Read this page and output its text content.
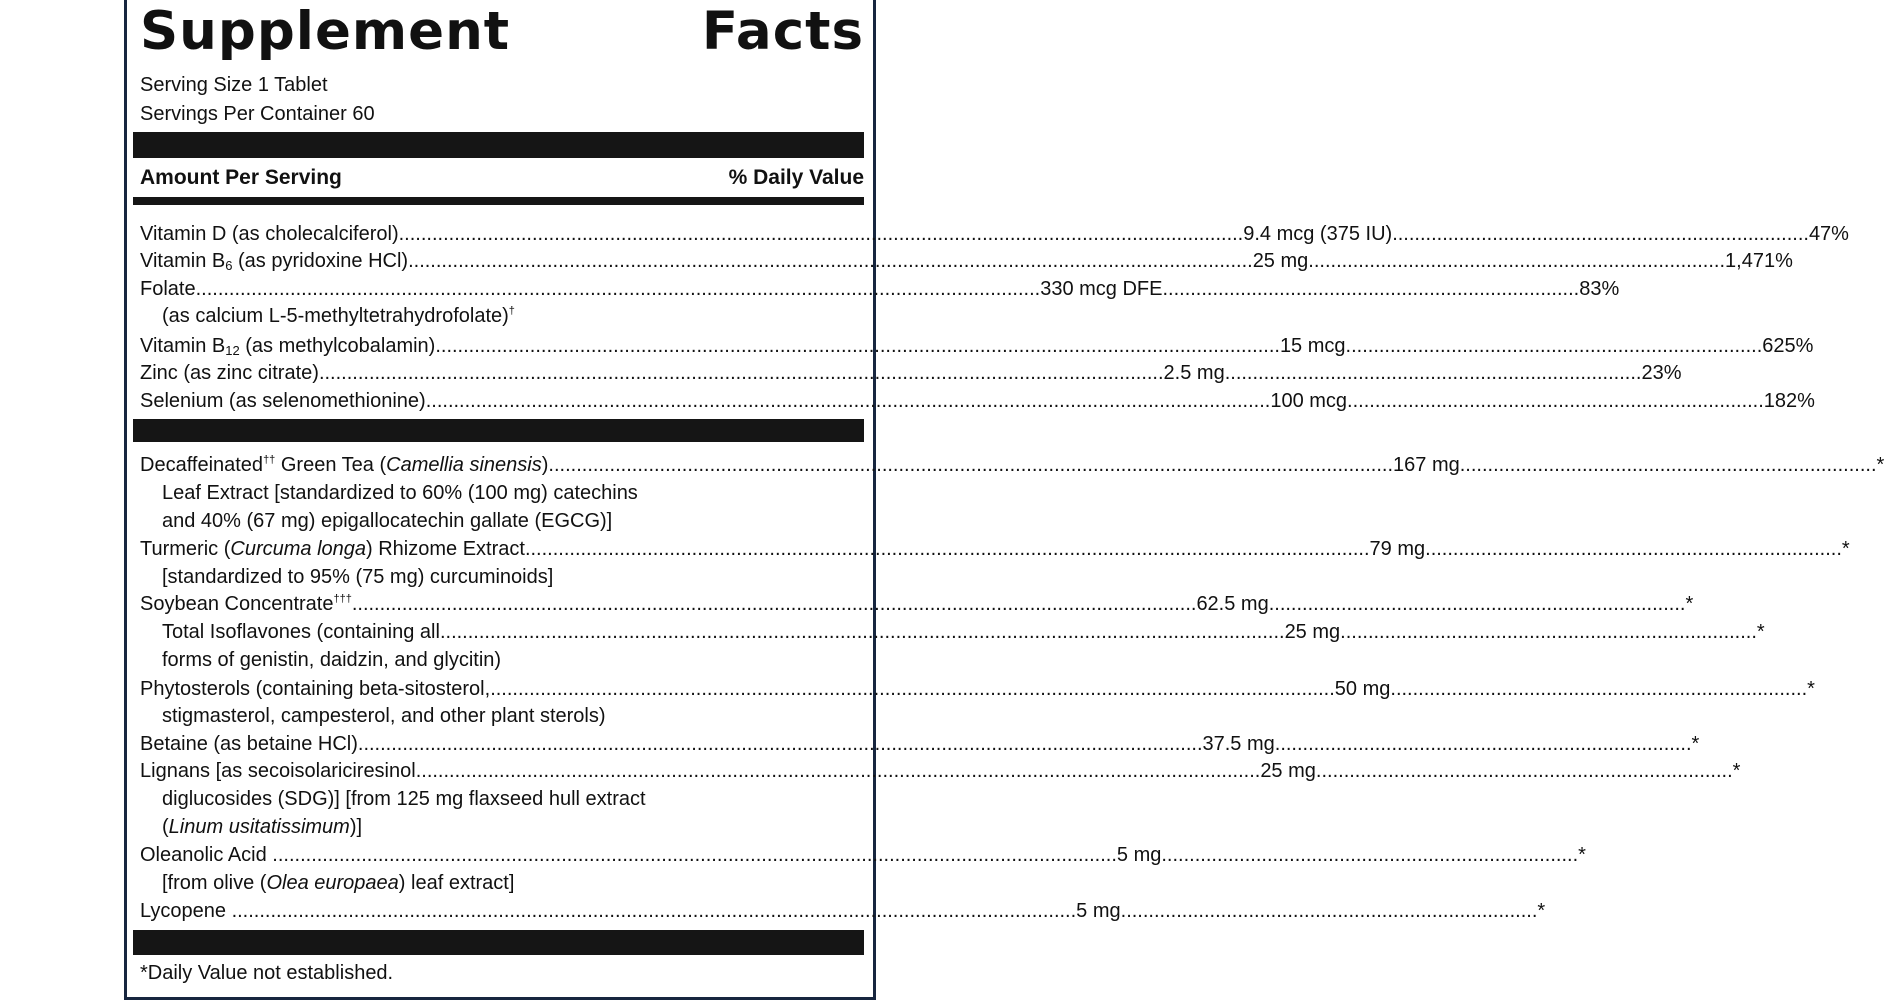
Supplement	Facts
Serving Size 1 Tablet
Servings Per Container 60
Amount Per Serving	% Daily Value
Vitamin D (as cholecalciferol) .....	9.4 mcg (375 IU) .....	47%
Vitamin $B_6$ (as pyridoxine HCl) .....	25 mg .....	1,471%
Folate .....	330 mcg DFE .....	83%
(as calcium L-5-methyltetrahydrofolate)†
Vitamin $B_{12}$ (as methylcobalamin) .....	15 mcg .....	625%
Zinc (as zinc citrate) .....	2.5 mg .....	23%
Selenium (as selenomethionine) .....	100 mcg .....	182%
Decaffeinated†† Green Tea (Camellia sinensis) .....	167 mg .....	*
Leaf Extract [standardized to 60% (100 mg) catechins
and 40% (67 mg) epigallocatechin gallate (EGCG)]
Turmeric (Curcuma longa) Rhizome Extract .....	79 mg .....	*
[standardized to 95% (75 mg) curcuminoids]
Soybean Concentrate††† .....	62.5 mg .....	*
Total Isoflavones (containing all .....	25 mg .....	*
forms of genistin, daidzin, and glycitin)
Phytosterols (containing beta-sitosterol, .....	50 mg .....	*
stigmasterol, campesterol, and other plant sterols)
Betaine (as betaine HCl) .....	37.5 mg .....	*
Lignans [as secoisolariciresinol .....	25 mg .....	*
diglucosides (SDG)] [from 125 mg flaxseed hull extract
(Linum usitatissimum)]
Oleanolic Acid .....	5 mg .....	*
[from olive (Olea europaea) leaf extract]
Lycopene .....	5 mg .....	*
*Daily Value not established.
